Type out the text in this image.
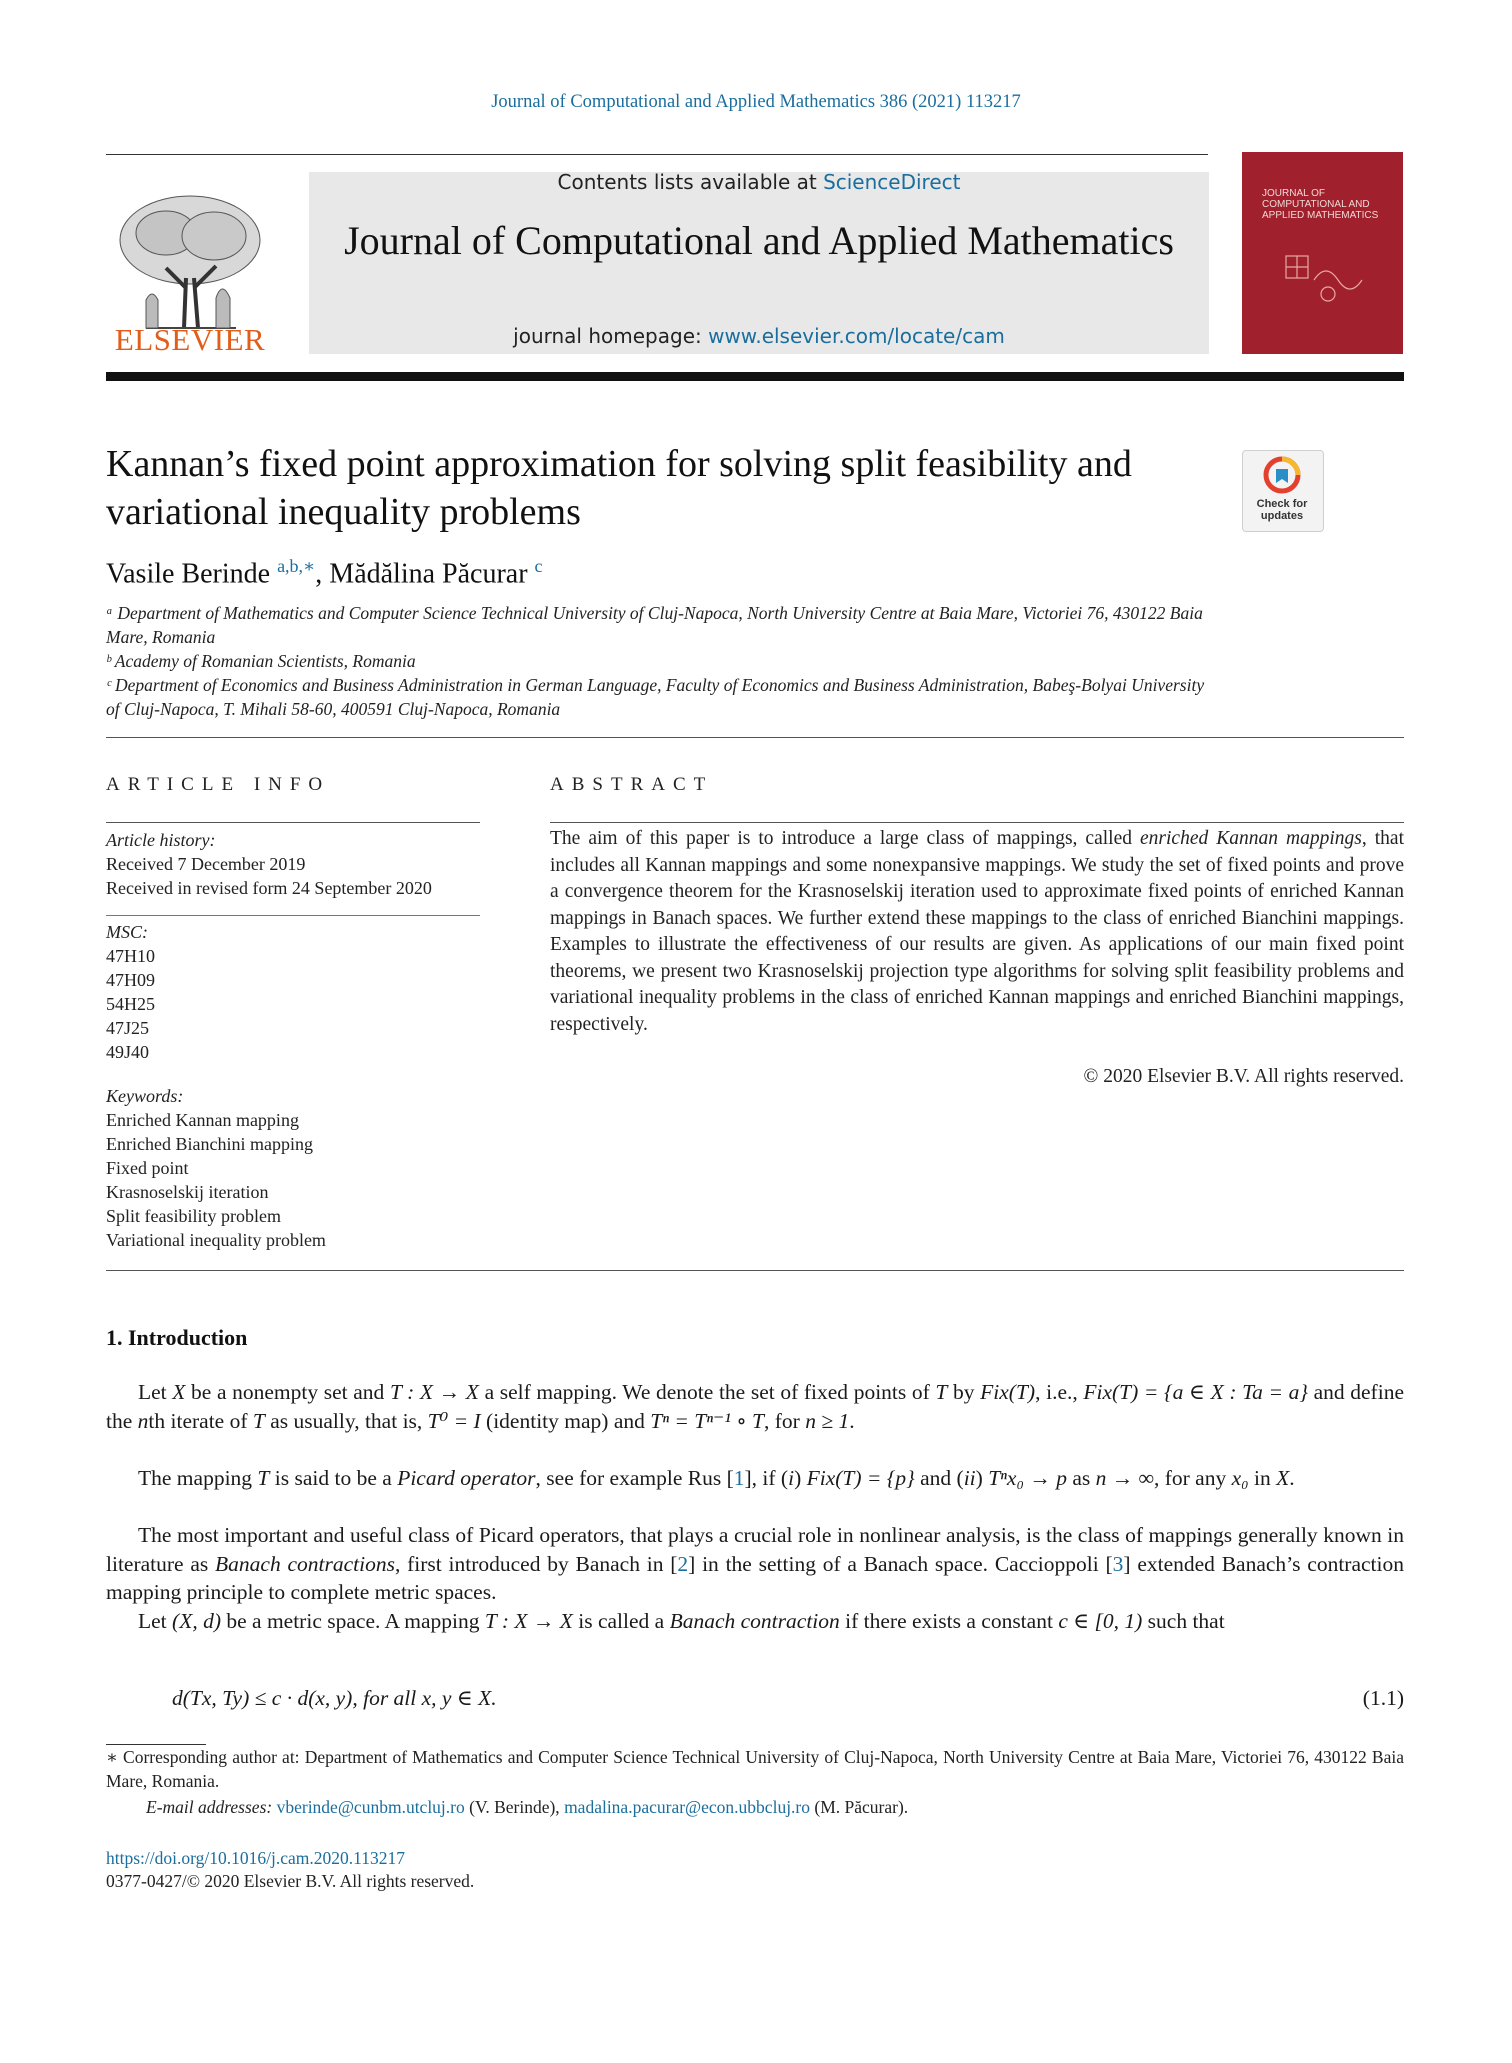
Journal of Computational and Applied Mathematics 386 (2021) 113217
ELSEVIER
Contents lists available at ScienceDirect
Journal of Computational and Applied Mathematics
journal homepage: www.elsevier.com/locate/cam
JOURNAL OF COMPUTATIONAL AND APPLIED MATHEMATICS
Kannan’s fixed point approximation for solving split feasibility and variational inequality problems	Check for updates
Vasile Berinde $^{a,b,∗}$, Mădălina Păcurar $^c$
ᵃ Department of Mathematics and Computer Science Technical University of Cluj-Napoca, North University Centre at Baia Mare, Victoriei 76, 430122 Baia Mare, Romania
ᵇ Academy of Romanian Scientists, Romania
ᶜ Department of Economics and Business Administration in German Language, Faculty of Economics and Business Administration, Babeş-Bolyai University of Cluj-Napoca, T. Mihali 58-60, 400591 Cluj-Napoca, Romania
ARTICLE INFO
Article history:
Received 7 December 2019
Received in revised form 24 September 2020
MSC:
47H10
47H09
54H25
47J25
49J40
Keywords:
Enriched Kannan mapping
Enriched Bianchini mapping
Fixed point
Krasnoselskij iteration
Split feasibility problem
Variational inequality problem
ABSTRACT
The aim of this paper is to introduce a large class of mappings, called enriched Kannan mappings, that includes all Kannan mappings and some nonexpansive mappings. We study the set of fixed points and prove a convergence theorem for the Krasnoselskij iteration used to approximate fixed points of enriched Kannan mappings in Banach spaces. We further extend these mappings to the class of enriched Bianchini mappings. Examples to illustrate the effectiveness of our results are given. As applications of our main fixed point theorems, we present two Krasnoselskij projection type algorithms for solving split feasibility problems and variational inequality problems in the class of enriched Kannan mappings and enriched Bianchini mappings, respectively.
© 2020 Elsevier B.V. All rights reserved.
1. Introduction
Let X be a nonempty set and T : X → X a self mapping. We denote the set of fixed points of T by Fix(T), i.e., Fix(T) = {a ∈ X : Ta = a} and define the nth iterate of T as usually, that is, T⁰ = I (identity map) and Tⁿ = Tⁿ⁻¹ ∘ T, for n ≥ 1.
The mapping T is said to be a Picard operator, see for example Rus [1], if (i) Fix(T) = {p} and (ii) Tⁿx₀ → p as n → ∞, for any x₀ in X.
The most important and useful class of Picard operators, that plays a crucial role in nonlinear analysis, is the class of mappings generally known in literature as Banach contractions, first introduced by Banach in [2] in the setting of a Banach space. Caccioppoli [3] extended Banach’s contraction mapping principle to complete metric spaces.
Let (X, d) be a metric space. A mapping T : X → X is called a Banach contraction if there exists a constant c ∈ [0, 1) such that
d(Tx, Ty) ≤ c · d(x, y), for all x, y ∈ X.	(1.1)
∗ Corresponding author at: Department of Mathematics and Computer Science Technical University of Cluj-Napoca, North University Centre at Baia Mare, Victoriei 76, 430122 Baia Mare, Romania.
E-mail addresses: vberinde@cunbm.utcluj.ro (V. Berinde), madalina.pacurar@econ.ubbcluj.ro (M. Păcurar).
https://doi.org/10.1016/j.cam.2020.113217
0377-0427/© 2020 Elsevier B.V. All rights reserved.
